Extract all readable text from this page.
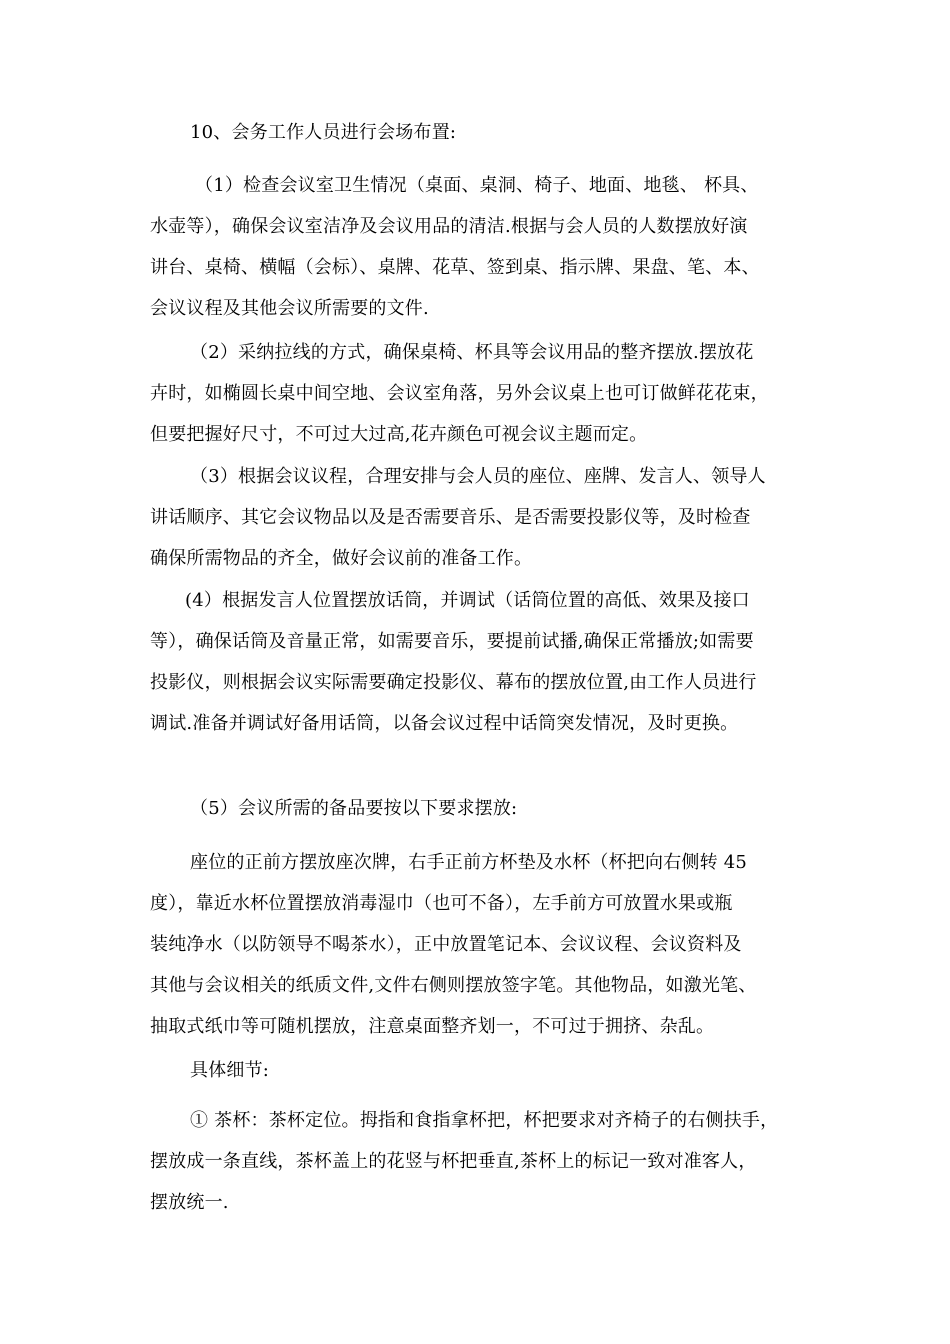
10、会务工作人员进行会场布置:

（1）检查会议室卫生情况（桌面、桌洞、椅子、地面、地毯、 杯具、
水壶等），确保会议室洁净及会议用品的清洁.根据与会人员的人数摆放好演
讲台、桌椅、横幅（会标）、桌牌、花草、签到桌、指示牌、果盘、笔、本、
会议议程及其他会议所需要的文件.

（2）采纳拉线的方式，确保桌椅、杯具等会议用品的整齐摆放.摆放花
卉时，如椭圆长桌中间空地、会议室角落，另外会议桌上也可订做鲜花花束，
但要把握好尺寸，不可过大过高,花卉颜色可视会议主题而定。

（3）根据会议议程，合理安排与会人员的座位、座牌、发言人、领导人
讲话顺序、其它会议物品以及是否需要音乐、是否需要投影仪等，及时检查
确保所需物品的齐全，做好会议前的准备工作。

(4）根据发言人位置摆放话筒，并调试（话筒位置的高低、效果及接口
等），确保话筒及音量正常，如需要音乐，要提前试播,确保正常播放;如需要
投影仪，则根据会议实际需要确定投影仪、幕布的摆放位置,由工作人员进行
调试.准备并调试好备用话筒，以备会议过程中话筒突发情况，及时更换。

（5）会议所需的备品要按以下要求摆放:

座位的正前方摆放座次牌，右手正前方杯垫及水杯（杯把向右侧转 45
度），靠近水杯位置摆放消毒湿巾（也可不备），左手前方可放置水果或瓶
装纯净水（以防领导不喝茶水），正中放置笔记本、会议议程、会议资料及
其他与会议相关的纸质文件,文件右侧则摆放签字笔。其他物品，如激光笔、
抽取式纸巾等可随机摆放，注意桌面整齐划一，不可过于拥挤、杂乱。

具体细节:

① 茶杯：茶杯定位。拇指和食指拿杯把，杯把要求对齐椅子的右侧扶手，
摆放成一条直线，茶杯盖上的花竖与杯把垂直,茶杯上的标记一致对准客人，
摆放统一.
